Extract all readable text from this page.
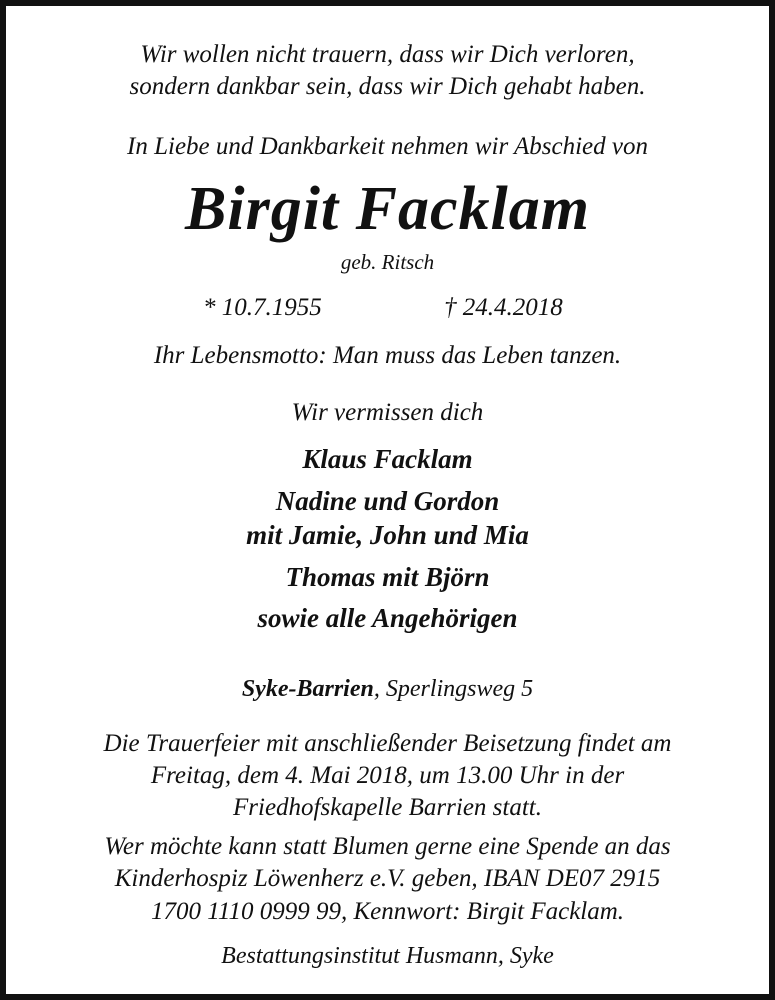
Wir wollen nicht trauern, dass wir Dich verloren,
sondern dankbar sein, dass wir Dich gehabt haben.
In Liebe und Dankbarkeit nehmen wir Abschied von
Birgit Facklam
geb. Ritsch
* 10.7.1955	† 24.4.2018
Ihr Lebensmotto: Man muss das Leben tanzen.
Wir vermissen dich
Klaus Facklam
Nadine und Gordon
mit Jamie, John und Mia
Thomas mit Björn
sowie alle Angehörigen
Syke-Barrien, Sperlingsweg 5
Die Trauerfeier mit anschließender Beisetzung findet am
Freitag, dem 4. Mai 2018, um 13.00 Uhr in der
Friedhofskapelle Barrien statt.
Wer möchte kann statt Blumen gerne eine Spende an das
Kinderhospiz Löwenherz e.V. geben, IBAN DE07 2915
1700 1110 0999 99, Kennwort: Birgit Facklam.
Bestattungsinstitut Husmann, Syke
